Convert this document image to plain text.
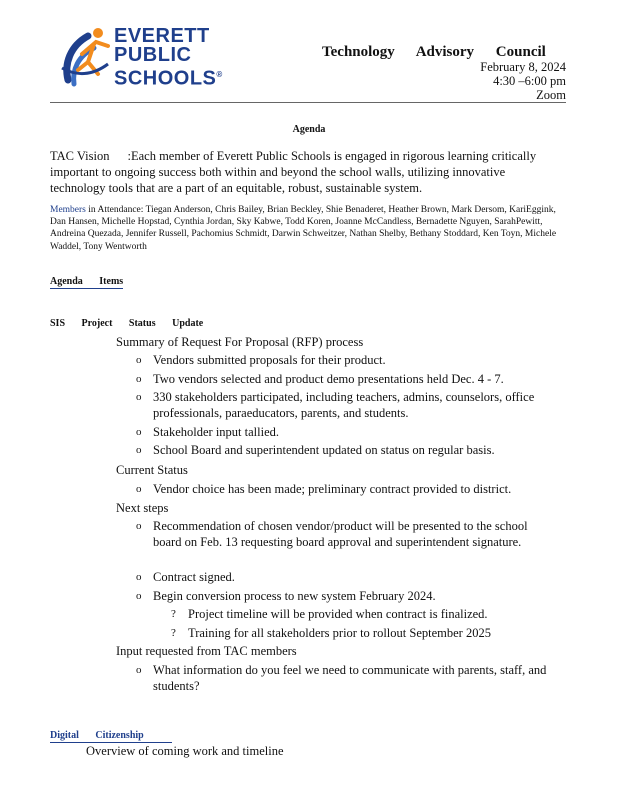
EVERETT
PUBLIC
SCHOOLS®
Technology Advisory Council
February 8, 2024
4:30 –6:00 pm
Zoom
Agenda
TAC Vision :Each member of Everett Public Schools is engaged in rigorous learning critically important to ongoing success both within and beyond the school walls, utilizing innovative technology tools that are a part of an equitable, robust, sustainable system.
Members in Attendance: Tiegan Anderson, Chris Bailey, Brian Beckley, Shie Benaderet, Heather Brown, Mark Dersom, KariEggink, Dan Hansen, Michelle Hopstad, Cynthia Jordan, Sky Kabwe, Todd Koren, Joanne McCandless, Bernadette Nguyen, SarahPewitt, Andreina Quezada, Jennifer Russell, Pachomius Schmidt, Darwin Schweitzer, Nathan Shelby, Bethany Stoddard, Ken Toyn, Michele Waddel, Tony Wentworth
Agenda Items
SIS Project Status Update
Summary of Request For Proposal (RFP) process
o Vendors submitted proposals for their product.
o Two vendors selected and product demo presentations held Dec. 4 - 7.
o 330 stakeholders participated, including teachers, admins, counselors, office professionals, paraeducators, parents, and students.
o Stakeholder input tallied.
o School Board and superintendent updated on status on regular basis.
Current Status
o Vendor choice has been made; preliminary contract provided to district.
Next steps
o Recommendation of chosen vendor/product will be presented to the school board on Feb. 13 requesting board approval and superintendent signature.
o Contract signed.
o Begin conversion process to new system February 2024.
? Project timeline will be provided when contract is finalized.
? Training for all stakeholders prior to rollout September 2025
Input requested from TAC members
o What information do you feel we need to communicate with parents, staff, and students?
Digital Citizenship
Overview of coming work and timeline
